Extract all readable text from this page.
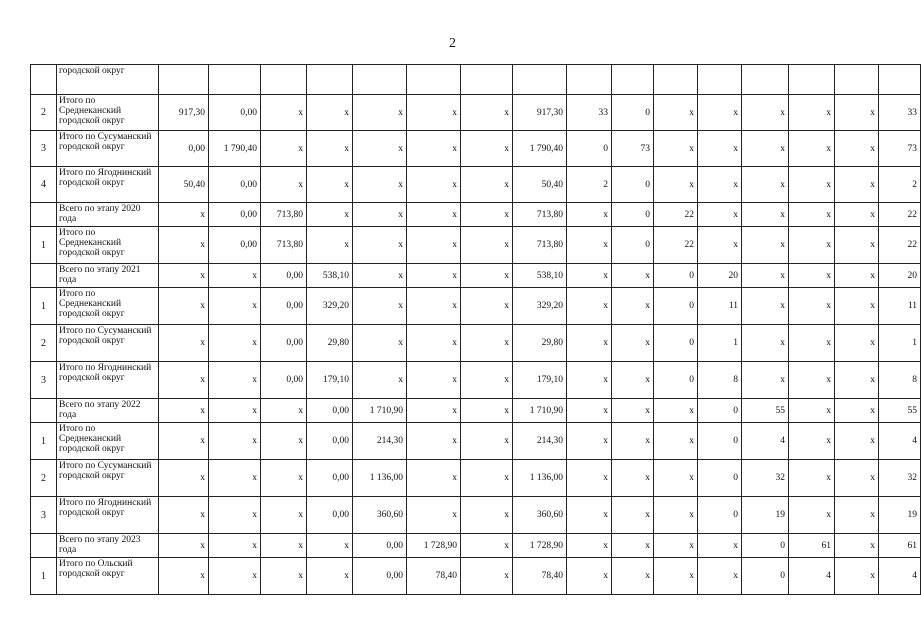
2
	городской округ																
2	Итого по Среднеканский городской округ	917,30	0,00	x	x	x	x	x	917,30	33	0	x	x	x	x	x	33
3	Итого по Сусуманский городской округ	0,00	1 790,40	x	x	x	x	x	1 790,40	0	73	x	x	x	x	x	73
4	Итого по Ягоднинский городской округ	50,40	0,00	x	x	x	x	x	50,40	2	0	x	x	x	x	x	2
	Всего по этапу 2020 года	x	0,00	713,80	x	x	x	x	713,80	x	0	22	x	x	x	x	22
1	Итого по Среднеканский городской округ	x	0,00	713,80	x	x	x	x	713,80	x	0	22	x	x	x	x	22
	Всего по этапу 2021 года	x	x	0,00	538,10	x	x	x	538,10	x	x	0	20	x	x	x	20
1	Итого по Среднеканский городской округ	x	x	0,00	329,20	x	x	x	329,20	x	x	0	11	x	x	x	11
2	Итого по Сусуманский городской округ	x	x	0,00	29,80	x	x	x	29,80	x	x	0	1	x	x	x	1
3	Итого по Ягоднинский городской округ	x	x	0,00	179,10	x	x	x	179,10	x	x	0	8	x	x	x	8
	Всего по этапу 2022 года	x	x	x	0,00	1 710,90	x	x	1 710,90	x	x	x	0	55	x	x	55
1	Итого по Среднеканский городской округ	x	x	x	0,00	214,30	x	x	214,30	x	x	x	0	4	x	x	4
2	Итого по Сусуманский городской округ	x	x	x	0,00	1 136,00	x	x	1 136,00	x	x	x	0	32	x	x	32
3	Итого по Ягоднинский городской округ	x	x	x	0,00	360,60	x	x	360,60	x	x	x	0	19	x	x	19
	Всего по этапу 2023 года	x	x	x	x	0,00	1 728,90	x	1 728,90	x	x	x	x	0	61	x	61
1	Итого по Ольский городской округ	x	x	x	x	0,00	78,40	x	78,40	x	x	x	x	0	4	x	4
